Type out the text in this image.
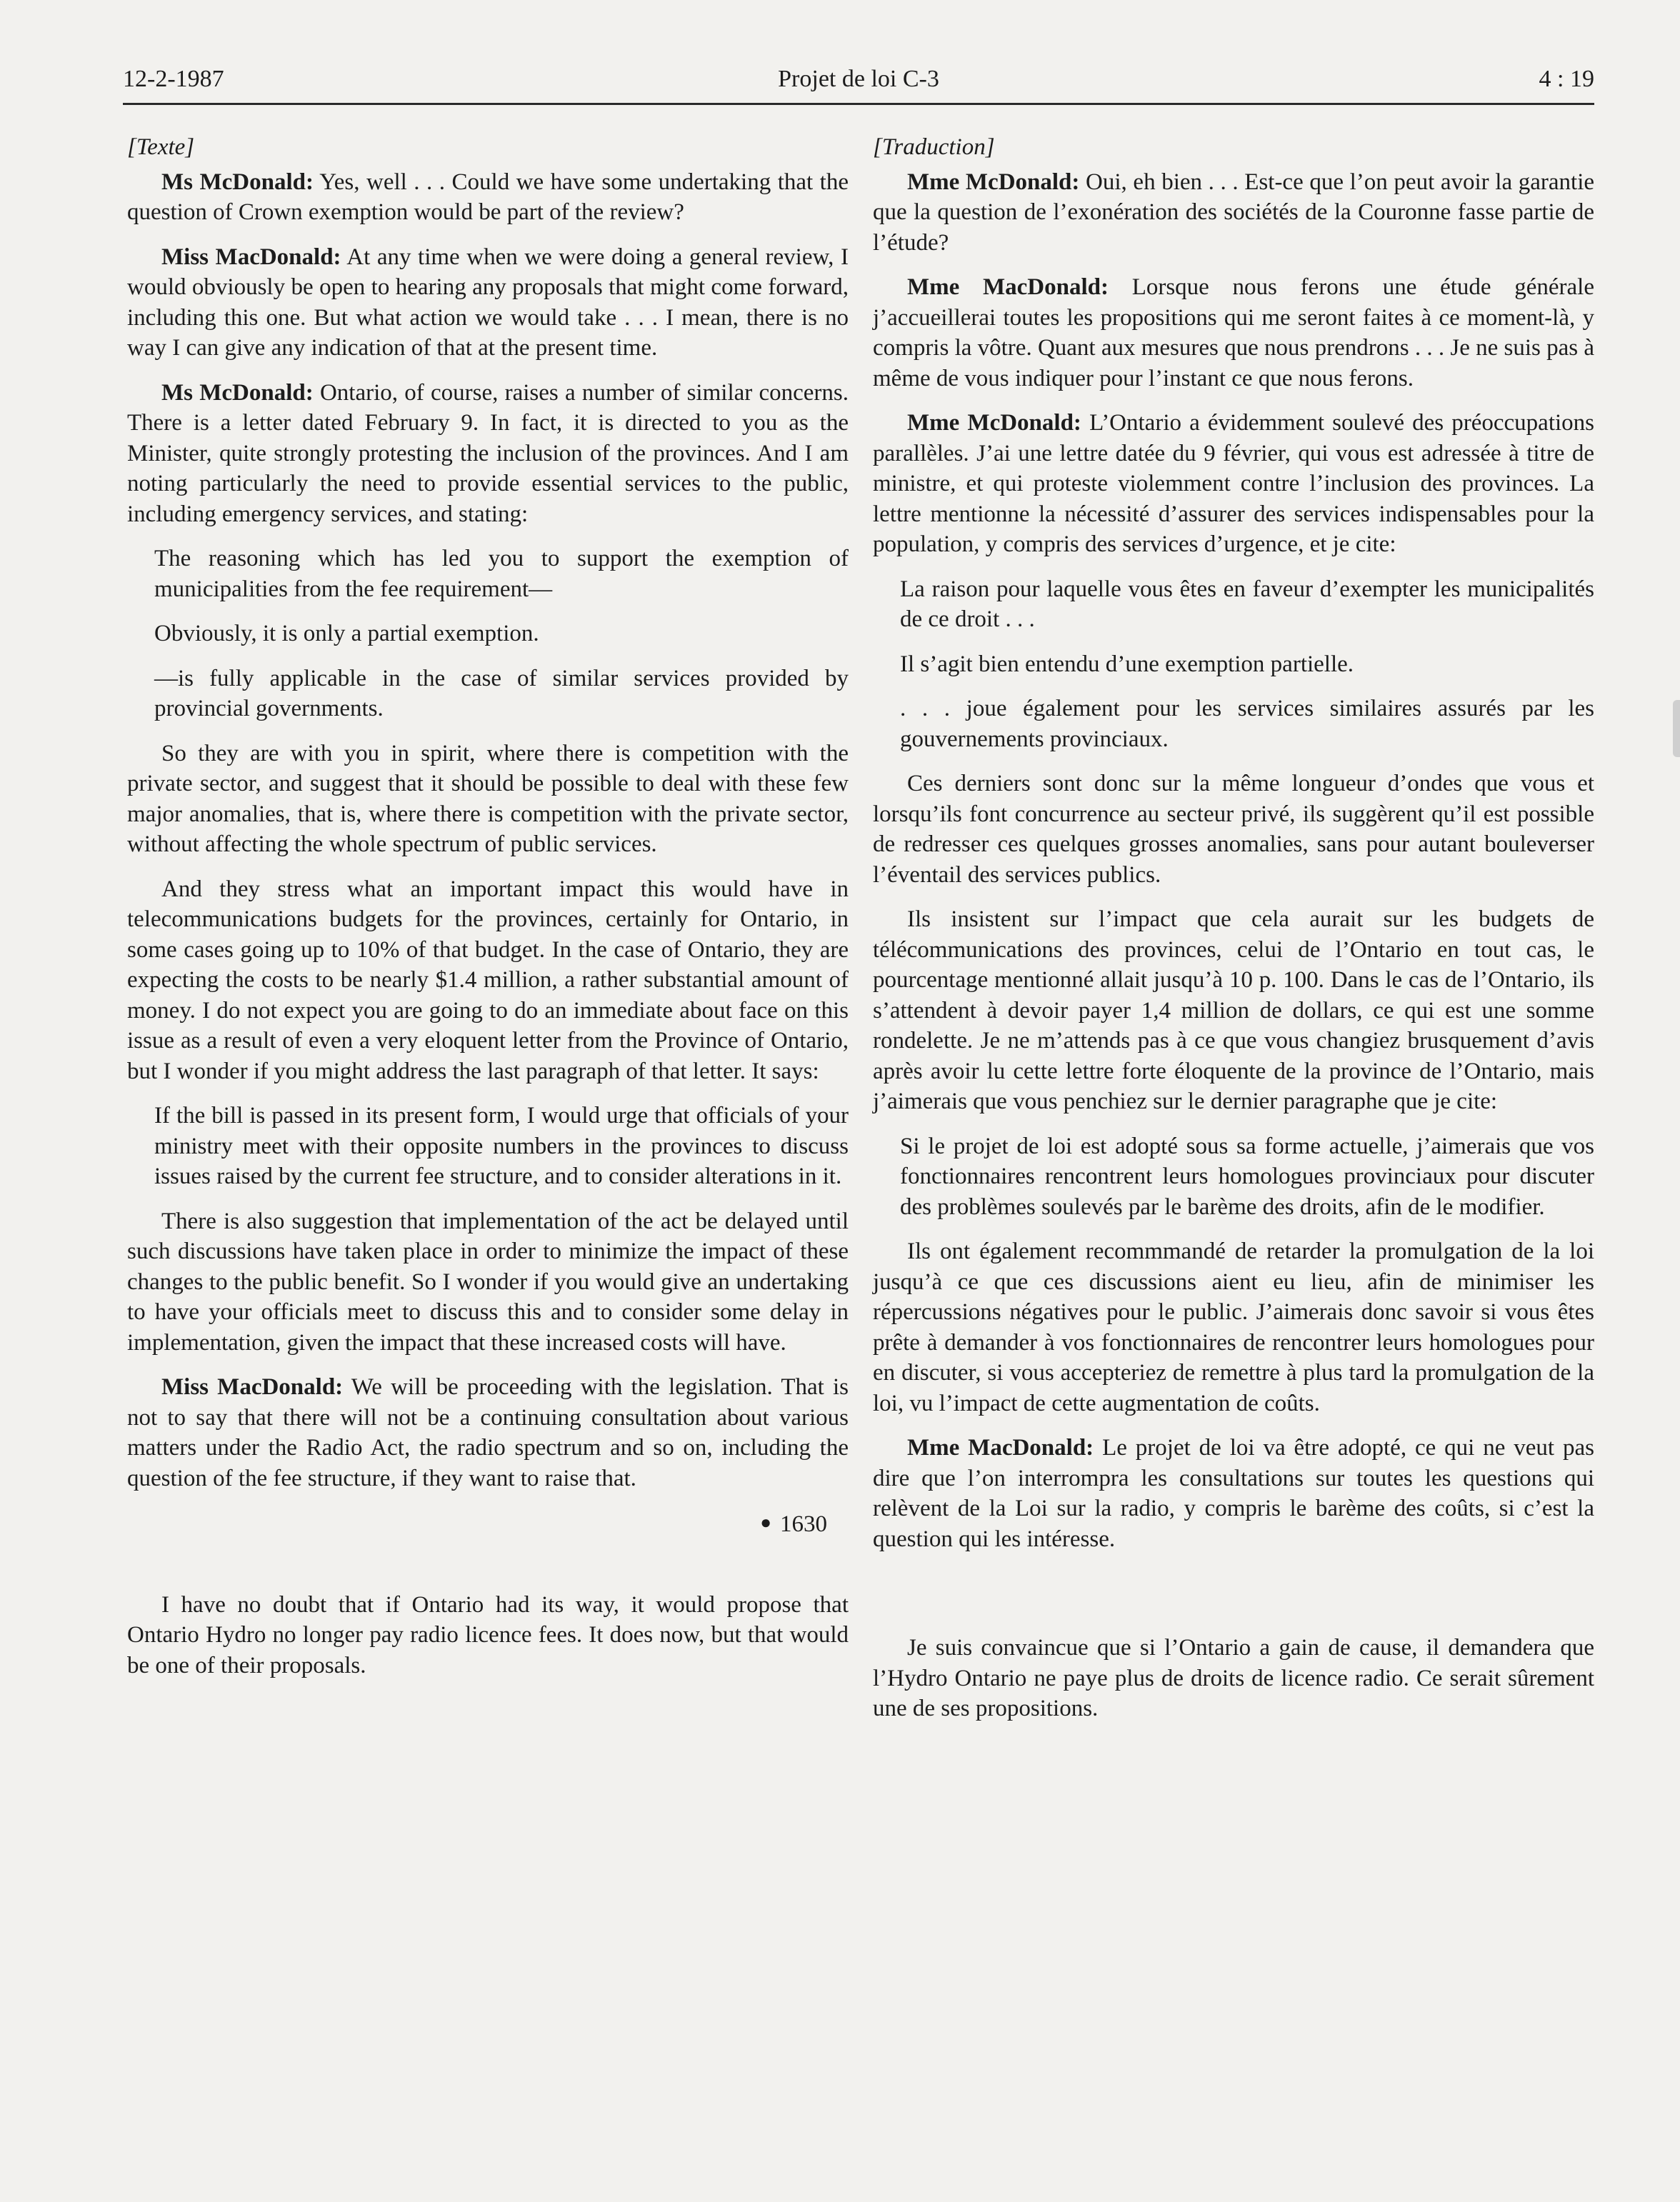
12-2-1987	Projet de loi C-3	4 : 19

[Texte]

Ms McDonald: Yes, well . . . Could we have some undertaking that the question of Crown exemption would be part of the review?

Miss MacDonald: At any time when we were doing a general review, I would obviously be open to hearing any proposals that might come forward, including this one. But what action we would take . . . I mean, there is no way I can give any indication of that at the present time.

Ms McDonald: Ontario, of course, raises a number of similar concerns. There is a letter dated February 9. In fact, it is directed to you as the Minister, quite strongly protesting the inclusion of the provinces. And I am noting particularly the need to provide essential services to the public, including emergency services, and stating:

The reasoning which has led you to support the exemption of municipalities from the fee requirement—

Obviously, it is only a partial exemption.

—is fully applicable in the case of similar services provided by provincial governments.

So they are with you in spirit, where there is competition with the private sector, and suggest that it should be possible to deal with these few major anomalies, that is, where there is competition with the private sector, without affecting the whole spectrum of public services.

And they stress what an important impact this would have in telecommunications budgets for the provinces, certainly for Ontario, in some cases going up to 10% of that budget. In the case of Ontario, they are expecting the costs to be nearly $1.4 million, a rather substantial amount of money. I do not expect you are going to do an immediate about face on this issue as a result of even a very eloquent letter from the Province of Ontario, but I wonder if you might address the last paragraph of that letter. It says:

If the bill is passed in its present form, I would urge that officials of your ministry meet with their opposite numbers in the provinces to discuss issues raised by the current fee structure, and to consider alterations in it.

There is also suggestion that implementation of the act be delayed until such discussions have taken place in order to minimize the impact of these changes to the public benefit. So I wonder if you would give an undertaking to have your officials meet to discuss this and to consider some delay in implementation, given the impact that these increased costs will have.

Miss MacDonald: We will be proceeding with the legislation. That is not to say that there will not be a continuing consultation about various matters under the Radio Act, the radio spectrum and so on, including the question of the fee structure, if they want to raise that.

● 1630

I have no doubt that if Ontario had its way, it would propose that Ontario Hydro no longer pay radio licence fees. It does now, but that would be one of their proposals.

[Traduction]

Mme McDonald: Oui, eh bien . . . Est-ce que l’on peut avoir la garantie que la question de l’exonération des sociétés de la Couronne fasse partie de l’étude?

Mme MacDonald: Lorsque nous ferons une étude générale j’accueillerai toutes les propositions qui me seront faites à ce moment-là, y compris la vôtre. Quant aux mesures que nous prendrons . . . Je ne suis pas à même de vous indiquer pour l’instant ce que nous ferons.

Mme McDonald: L’Ontario a évidemment soulevé des préoccupations parallèles. J’ai une lettre datée du 9 février, qui vous est adressée à titre de ministre, et qui proteste violemment contre l’inclusion des provinces. La lettre mentionne la nécessité d’assurer des services indispensables pour la population, y compris des services d’urgence, et je cite:

La raison pour laquelle vous êtes en faveur d’exempter les municipalités de ce droit . . .

Il s’agit bien entendu d’une exemption partielle.

. . . joue également pour les services similaires assurés par les gouvernements provinciaux.

Ces derniers sont donc sur la même longueur d’ondes que vous et lorsqu’ils font concurrence au secteur privé, ils suggèrent qu’il est possible de redresser ces quelques grosses anomalies, sans pour autant bouleverser l’éventail des services publics.

Ils insistent sur l’impact que cela aurait sur les budgets de télécommunications des provinces, celui de l’Ontario en tout cas, le pourcentage mentionné allait jusqu’à 10 p. 100. Dans le cas de l’Ontario, ils s’attendent à devoir payer 1,4 million de dollars, ce qui est une somme rondelette. Je ne m’attends pas à ce que vous changiez brusquement d’avis après avoir lu cette lettre forte éloquente de la province de l’Ontario, mais j’aimerais que vous penchiez sur le dernier paragraphe que je cite:

Si le projet de loi est adopté sous sa forme actuelle, j’aimerais que vos fonctionnaires rencontrent leurs homologues provinciaux pour discuter des problèmes soulevés par le barème des droits, afin de le modifier.

Ils ont également recommmandé de retarder la promulgation de la loi jusqu’à ce que ces discussions aient eu lieu, afin de minimiser les répercussions négatives pour le public. J’aimerais donc savoir si vous êtes prête à demander à vos fonctionnaires de rencontrer leurs homologues pour en discuter, si vous accepteriez de remettre à plus tard la promulgation de la loi, vu l’impact de cette augmentation de coûts.

Mme MacDonald: Le projet de loi va être adopté, ce qui ne veut pas dire que l’on interrompra les consultations sur toutes les questions qui relèvent de la Loi sur la radio, y compris le barème des coûts, si c’est la question qui les intéresse.

Je suis convaincue que si l’Ontario a gain de cause, il demandera que l’Hydro Ontario ne paye plus de droits de licence radio. Ce serait sûrement une de ses propositions.
